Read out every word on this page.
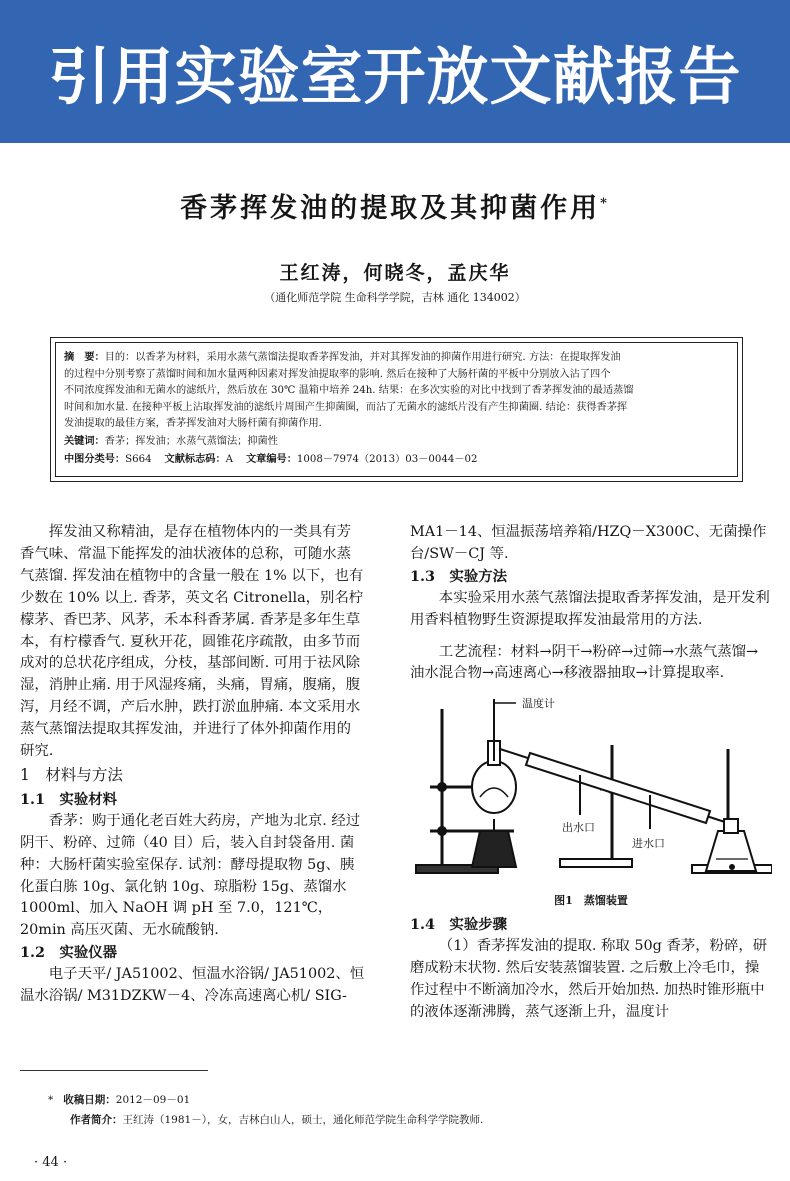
引用实验室开放文献报告
香茅挥发油的提取及其抑菌作用*
王红涛，何晓冬，孟庆华
（通化师范学院 生命科学学院，吉林 通化 134002）
摘　要：目的：以香茅为材料，采用水蒸气蒸馏法提取香茅挥发油，并对其挥发油的抑菌作用进行研究. 方法：在提取挥发油
的过程中分别考察了蒸馏时间和加水量两种因素对挥发油提取率的影响. 然后在接种了大肠杆菌的平板中分别放入沾了四个
不同浓度挥发油和无菌水的滤纸片，然后放在 30℃ 温箱中培养 24h. 结果：在多次实验的对比中找到了香茅挥发油的最适蒸馏
时间和加水量. 在接种平板上沾取挥发油的滤纸片周围产生抑菌圈，而沾了无菌水的滤纸片没有产生抑菌圈. 结论：获得香茅挥
发油提取的最佳方案，香茅挥发油对大肠杆菌有抑菌作用.
关键词：香茅；挥发油；水蒸气蒸馏法；抑菌性
中图分类号：S664 文献标志码：A 文章编号：1008－7974（2013）03－0044－02

挥发油又称精油，是存在植物体内的一类具有芳香气味、常温下能挥发的油状液体的总称，可随水蒸气蒸馏. 挥发油在植物中的含量一般在 1% 以下，也有少数在 10% 以上. 香茅，英文名 Citronella，别名柠檬茅、香巴茅、风茅，禾本科香茅属. 香茅是多年生草本，有柠檬香气. 夏秋开花，圆锥花序疏散，由多节而成对的总状花序组成，分枝，基部间断. 可用于祛风除湿，消肿止痛. 用于风湿疼痛，头痛，胃痛，腹痛，腹泻，月经不调，产后水肿，跌打淤血肿痛. 本文采用水蒸气蒸馏法提取其挥发油，并进行了体外抑菌作用的研究.

1　材料与方法

1.1　实验材料

香茅：购于通化老百姓大药房，产地为北京. 经过阴干、粉碎、过筛（40 目）后，装入自封袋备用. 菌种：大肠杆菌实验室保存. 试剂：酵母提取物 5g、胰化蛋白胨 10g、氯化钠 10g、琼脂粉 15g、蒸馏水 1000ml、加入 NaOH 调 pH 至 7.0，121℃，20min 高压灭菌、无水硫酸钠.

1.2　实验仪器

电子天平/ JA51002、恒温水浴锅/ JA51002、恒温水浴锅/ M31DZKW－4、冷冻高速离心机/ SIG-

MA1－14、恒温振荡培养箱/HZQ－X300C、无菌操作台/SW－CJ 等.

1.3　实验方法

本实验采用水蒸气蒸馏法提取香茅挥发油，是开发利用香料植物野生资源提取挥发油最常用的方法.

工艺流程：材料→阴干→粉碎→过筛→水蒸气蒸馏→油水混合物→高速离心→移液器抽取→计算提取率.

温度计
出水口
进水口

图1　蒸馏装置

1.4　实验步骤

（1）香茅挥发油的提取. 称取 50g 香茅，粉碎，研磨成粉末状物. 然后安装蒸馏装置. 之后敷上冷毛巾，操作过程中不断滴加冷水，然后开始加热. 加热时锥形瓶中的液体逐渐沸腾，蒸气逐渐上升，温度计

* 收稿日期：2012－09－01
作者简介：王红涛（1981－），女，吉林白山人，硕士，通化师范学院生命科学学院教师.
· 44 ·
